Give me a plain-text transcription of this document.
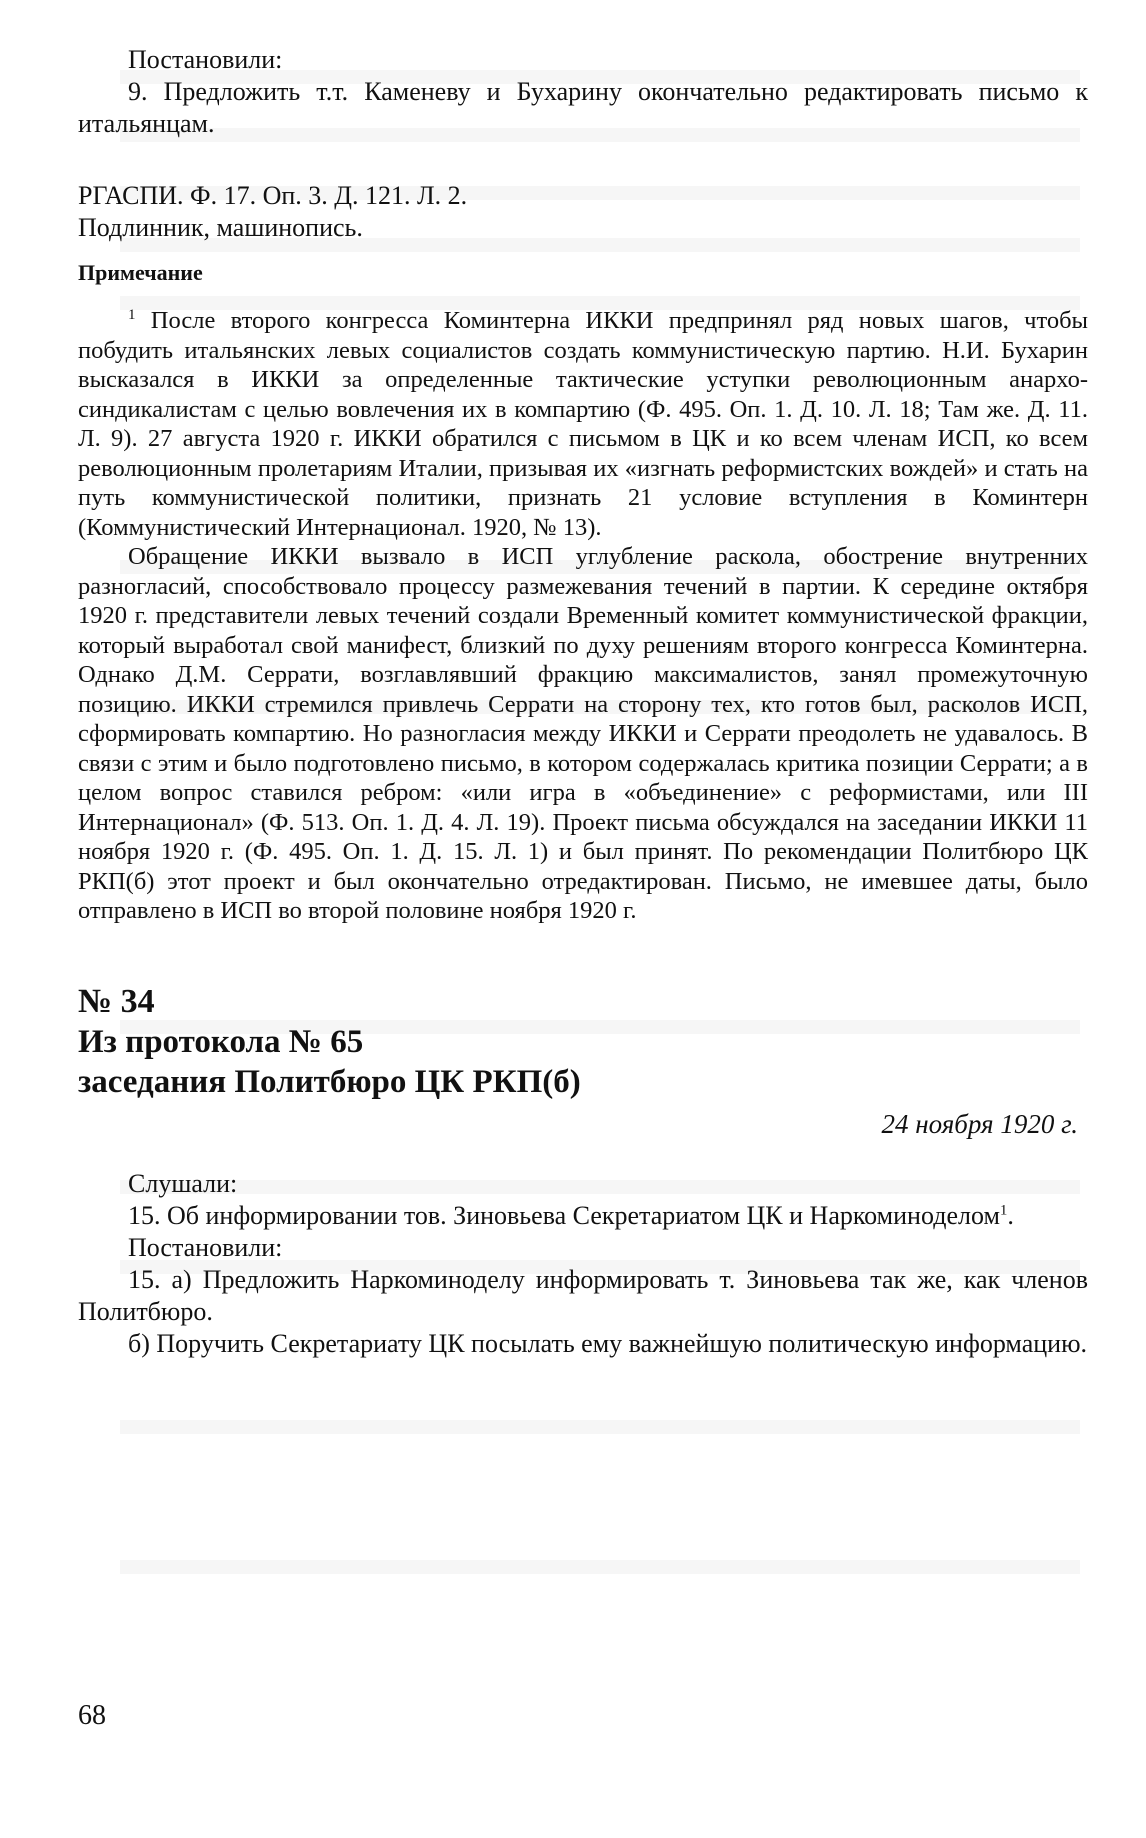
Постановили:

9. Предложить т.т. Каменеву и Бухарину окончательно редактировать письмо к итальянцам.

РГАСПИ. Ф. 17. Оп. 3. Д. 121. Л. 2.

Подлинник, машинопись.

Примечание

$^1$ После второго конгресса Коминтерна ИККИ предпринял ряд новых шагов, чтобы побудить итальянских левых социалистов создать коммунистическую партию. Н.И. Бухарин высказался в ИККИ за определенные тактические уступки революционным анархо-синдикалистам с целью вовлечения их в компартию (Ф. 495. Оп. 1. Д. 10. Л. 18; Там же. Д. 11. Л. 9). 27 августа 1920 г. ИККИ обратился с письмом в ЦК и ко всем членам ИСП, ко всем революционным пролетариям Италии, призывая их «изгнать реформистских вождей» и стать на путь коммунистической политики, признать 21 условие вступления в Коминтерн (Коммунистический Интернационал. 1920, № 13).

Обращение ИККИ вызвало в ИСП углубление раскола, обострение внутренних разногласий, способствовало процессу размежевания течений в партии. К середине октября 1920 г. представители левых течений создали Временный комитет коммунистической фракции, который выработал свой манифест, близкий по духу решениям второго конгресса Коминтерна. Однако Д.М. Серрати, возглавлявший фракцию максималистов, занял промежуточную позицию. ИККИ стремился привлечь Серрати на сторону тех, кто готов был, расколов ИСП, сформировать компартию. Но разногласия между ИККИ и Серрати преодолеть не удавалось. В связи с этим и было подготовлено письмо, в котором содержалась критика позиции Серрати; а в целом вопрос ставился ребром: «или игра в «объединение» с реформистами, или III Интернационал» (Ф. 513. Оп. 1. Д. 4. Л. 19). Проект письма обсуждался на заседании ИККИ 11 ноября 1920 г. (Ф. 495. Оп. 1. Д. 15. Л. 1) и был принят. По рекомендации Политбюро ЦК РКП(б) этот проект и был окончательно отредактирован. Письмо, не имевшее даты, было отправлено в ИСП во второй половине ноября 1920 г.

№ 34
Из протокола № 65
заседания Политбюро ЦК РКП(б)
24 ноября 1920 г.

Слушали:

15. Об информировании тов. Зиновьева Секретариатом ЦК и Наркоминоделом$^1$.

Постановили:

15. а) Предложить Наркоминоделу информировать т. Зиновьева так же, как членов Политбюро.

б) Поручить Секретариату ЦК посылать ему важнейшую политическую информацию.

68
